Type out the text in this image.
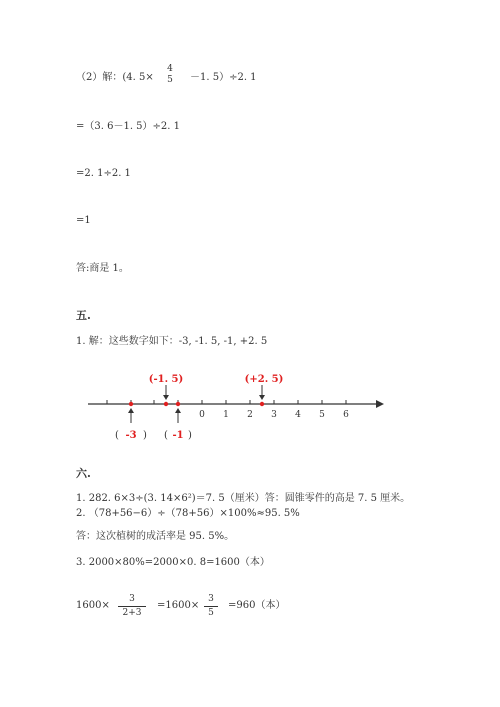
（2）解：(4. 5×
4
5	－1. 5）÷2. 1
=（3. 6－1. 5）÷2. 1
=2. 1÷2. 1
=1
答:商是 1。
五.
1. 解：这些数字如下：-3, -1. 5, -1, +2. 5
0 1 2 3 4 5 6
(-1. 5)	(+2. 5)
( -3 ) ( -1 )
六.
1. 282. 6×3÷(3. 14×6²)＝7. 5（厘米）答：圆锥零件的高是 7. 5 厘米。
2. （78+56−6）÷（78+56）×100%≈95. 5%
答：这次植树的成活率是 95. 5%。
3. 2000×80%=2000×0. 8=1600（本）
1600×
3
2+3
=1600×
3
5
=960（本）
